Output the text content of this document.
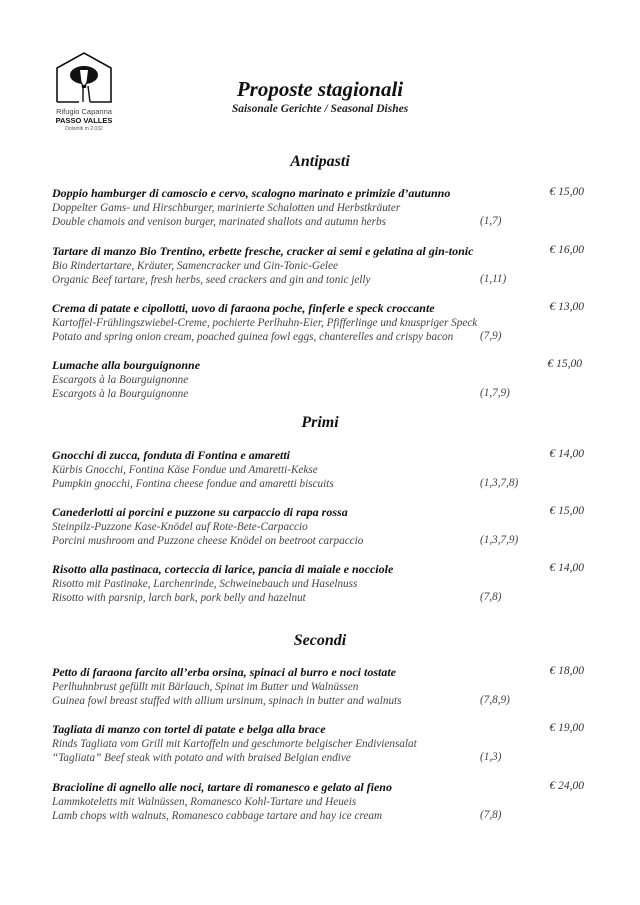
Rifugio Capanna
PASSO VALLES
Dolomiti m 2.032
Proposte stagionali
Saisonale Gerichte / Seasonal Dishes
Antipasti
Doppio hamburger di camoscio e cervo, scalogno marinato e primizie d’autunno
Doppelter Gams- und Hirschburger, marinierte Schalotten und Herbstkräuter
Double chamois and venison burger, marinated shallots and autumn herbs	(1,7)
€ 15,00
Tartare di manzo Bio Trentino, erbette fresche, cracker ai semi e gelatina al gin-tonic
Bio Rindertartare, Kräuter, Samencracker und Gin-Tonic-Gelee
Organic Beef tartare, fresh herbs, seed crackers and gin and tonic jelly	(1,11)
€ 16,00
Crema di patate e cipollotti, uovo di faraona poche, finferle e speck croccante
Kartoffel-Frühlingszwiebel-Creme, pochierte Perlhuhn-Eier, Pfifferlinge und knuspriger Speck
Potato and spring onion cream, poached guinea fowl eggs, chanterelles and crispy bacon	(7,9)
€ 13,00
Lumache alla bourguignonne
Escargots à la Bourguignonne
Escargots à la Bourguignonne	(1,7,9)
€ 15,00
Primi
Gnocchi di zucca, fonduta di Fontina e amaretti
Kürbis Gnocchi, Fontina Käse Fondue und Amaretti-Kekse
Pumpkin gnocchi, Fontina cheese fondue and amaretti biscuits	(1,3,7,8)
€ 14,00
Canederlotti ai porcini e puzzone su carpaccio di rapa rossa
Steinpilz-Puzzone Kase-Knödel auf Rote-Bete-Carpaccio
Porcini mushroom and Puzzone cheese Knödel on beetroot carpaccio	(1,3,7,9)
€ 15,00
Risotto alla pastinaca, corteccia di larice, pancia di maiale e nocciole
Risotto mit Pastinake, Larchenrinde, Schweinebauch und Haselnuss
Risotto with parsnip, larch bark, pork belly and hazelnut	(7,8)
€ 14,00
Secondi
Petto di faraona farcito all’erba orsina, spinaci al burro e noci tostate
Perlhuhnbrust gefüllt mit Bärlauch, Spinat im Butter und Walnüssen
Guinea fowl breast stuffed with allium ursinum, spinach in butter and walnuts	(7,8,9)
€ 18,00
Tagliata di manzo con tortel di patate e belga alla brace
Rinds Tagliata vom Grill mit Kartoffeln und geschmorte belgischer Endiviensalat
“Tagliata” Beef steak with potato and with braised Belgian endive	(1,3)
€ 19,00
Bracioline di agnello alle noci, tartare di romanesco e gelato al fieno
Lammkoteletts mit Walnüssen, Romanesco Kohl-Tartare und Heueis
Lamb chops with walnuts, Romanesco cabbage tartare and hay ice cream	(7,8)
€ 24,00
